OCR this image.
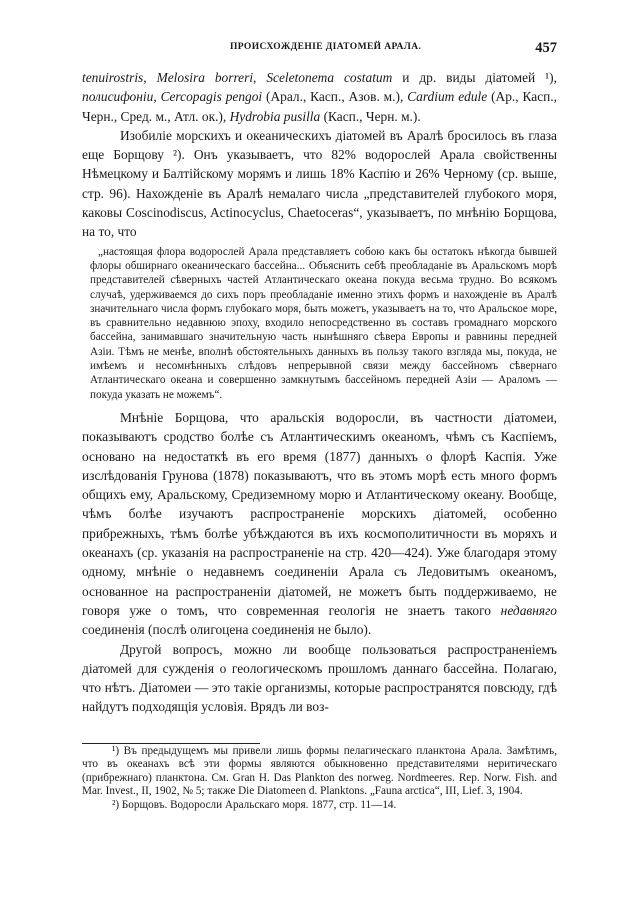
ПРОИСХОЖДЕНІЕ ДІАТОМЕЙ АРАЛА.	457

tenuirostris, Melosira borreri, Sceletonema costatum и др. виды діатомей ¹), полисифоніи, Cercopagis pengoi (Арал., Касп., Азов. м.), Cardium edule (Ар., Касп., Черн., Сред. м., Атл. ок.), Hydrobia pusilla (Касп., Черн. м.).

Изобиліе морскихъ и океаническихъ діатомей въ Аралѣ бросилось въ глаза еще Борщову ²). Онъ указываетъ, что 82% водорослей Арала свойственны Нѣмецкому и Балтійскому морямъ и лишь 18% Каспію и 26% Черному (ср. выше, стр. 96). Нахожденіе въ Аралѣ немалаго числа „представителей глубокого моря, каковы Coscinodiscus, Actinocyclus, Chaetoceras“, указываетъ, по мнѣнію Борщова, на то, что

„настоящая флора водорослей Арала представляетъ собою какъ бы остатокъ нѣкогда бывшей флоры обширнаго океаническаго бассейна... Объяснить себѣ преобладаніе въ Аральскомъ морѣ представителей сѣверныхъ частей Атлантическаго океана покуда весьма трудно. Во всякомъ случаѣ, удерживаемся до сихъ поръ преобладаніе именно этихъ формъ и нахожденіе въ Аралѣ значительнаго числа формъ глубокаго моря, быть можетъ, указываетъ на то, что Аральское море, въ сравнительно недавнюю эпоху, входило непосредственно въ составъ громаднаго морского бассейна, занимавшаго значительную часть нынѣшняго сѣвера Европы и равнины передней Азіи. Тѣмъ не менѣе, вполнѣ обстоятельныхъ данныхъ въ пользу такого взгляда мы, покуда, не имѣемъ и несомнѣнныхъ слѣдовъ непрерывной связи между бассейномъ сѣвернаго Атлантическаго океана и совершенно замкнутымъ бассейномъ передней Азіи — Араломъ — покуда указать не можемъ“.

Мнѣніе Борщова, что аральскія водоросли, въ частности діатомеи, показываютъ сродство болѣе съ Атлантическимъ океаномъ, чѣмъ съ Каспіемъ, основано на недостаткѣ въ его время (1877) данныхъ о флорѣ Каспія. Уже изслѣдованія Грунова (1878) показываютъ, что въ этомъ морѣ есть много формъ общихъ ему, Аральскому, Средиземному морю и Атлантическому океану. Вообще, чѣмъ болѣе изучаютъ распространеніе морскихъ діатомей, особенно прибрежныхъ, тѣмъ болѣе убѣждаются въ ихъ космополитичности въ моряхъ и океанахъ (ср. указанія на распространеніе на стр. 420—424). Уже благодаря этому одному, мнѣніе о недавнемъ соединеніи Арала съ Ледовитымъ океаномъ, основанное на распространеніи діатомей, не можетъ быть поддерживаемо, не говоря уже о томъ, что современная геологія не знаетъ такого недавняго соединенія (послѣ олигоцена соединенія не было).

Другой вопросъ, можно ли вообще пользоваться распространеніемъ діатомей для сужденія о геологическомъ прошломъ даннаго бассейна. Полагаю, что нѣтъ. Діатомеи — это такіе организмы, которые распространятся повсюду, гдѣ найдутъ подходящія условія. Врядъ ли воз-

¹) Въ предыдущемъ мы привели лишь формы пелагическаго планктона Арала. Замѣтимъ, что въ океанахъ всѣ эти формы являются обыкновенно представителями неритическаго (прибрежнаго) планктона. См. Gran H. Das Plankton des norweg. Nordmeeres. Rep. Norw. Fish. and Mar. Invest., II, 1902, № 5; также Die Diatomeen d. Planktons. „Fauna arctica“, III, Lief. 3, 1904.

²) Борщовъ. Водоросли Аральскаго моря. 1877, стр. 11—14.
